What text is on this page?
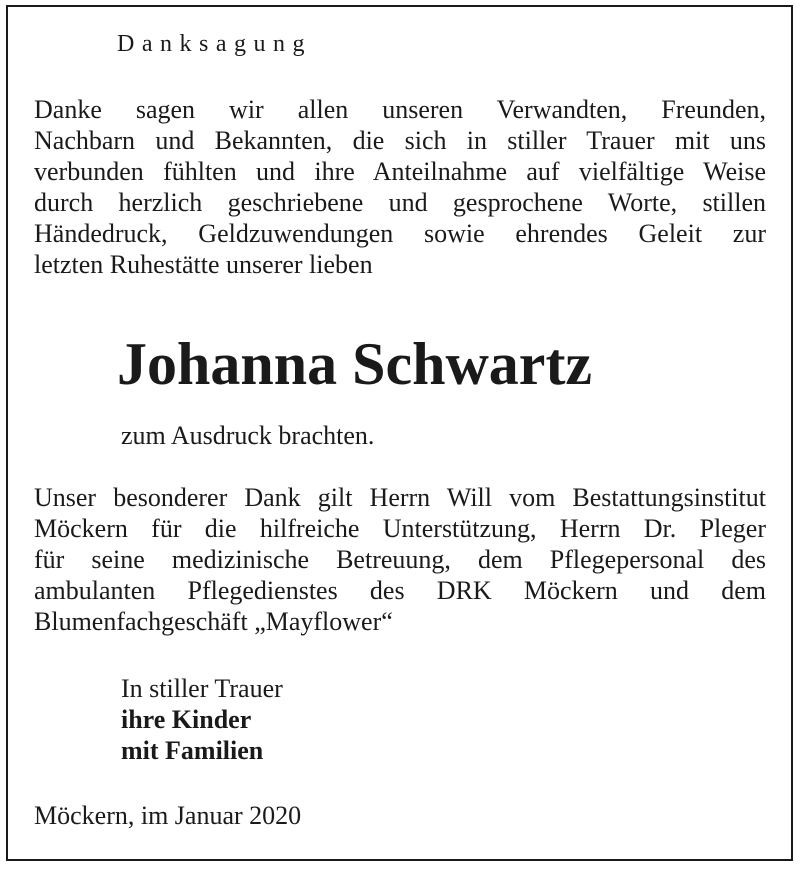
Danksagung
Danke sagen wir allen unseren Verwandten, Freunden,
Nachbarn und Bekannten, die sich in stiller Trauer mit uns
verbunden fühlten und ihre Anteilnahme auf vielfältige Weise
durch herzlich geschriebene und gesprochene Worte, stillen
Händedruck, Geldzuwendungen sowie ehrendes Geleit zur
letzten Ruhestätte unserer lieben
Johanna Schwartz
zum Ausdruck brachten.
Unser besonderer Dank gilt Herrn Will vom Bestattungsinstitut
Möckern für die hilfreiche Unterstützung, Herrn Dr. Pleger
für seine medizinische Betreuung, dem Pflegepersonal des
ambulanten Pflegedienstes des DRK Möckern und dem
Blumenfachgeschäft „Mayflower“
In stiller Trauer
ihre Kinder
mit Familien
Möckern, im Januar 2020
